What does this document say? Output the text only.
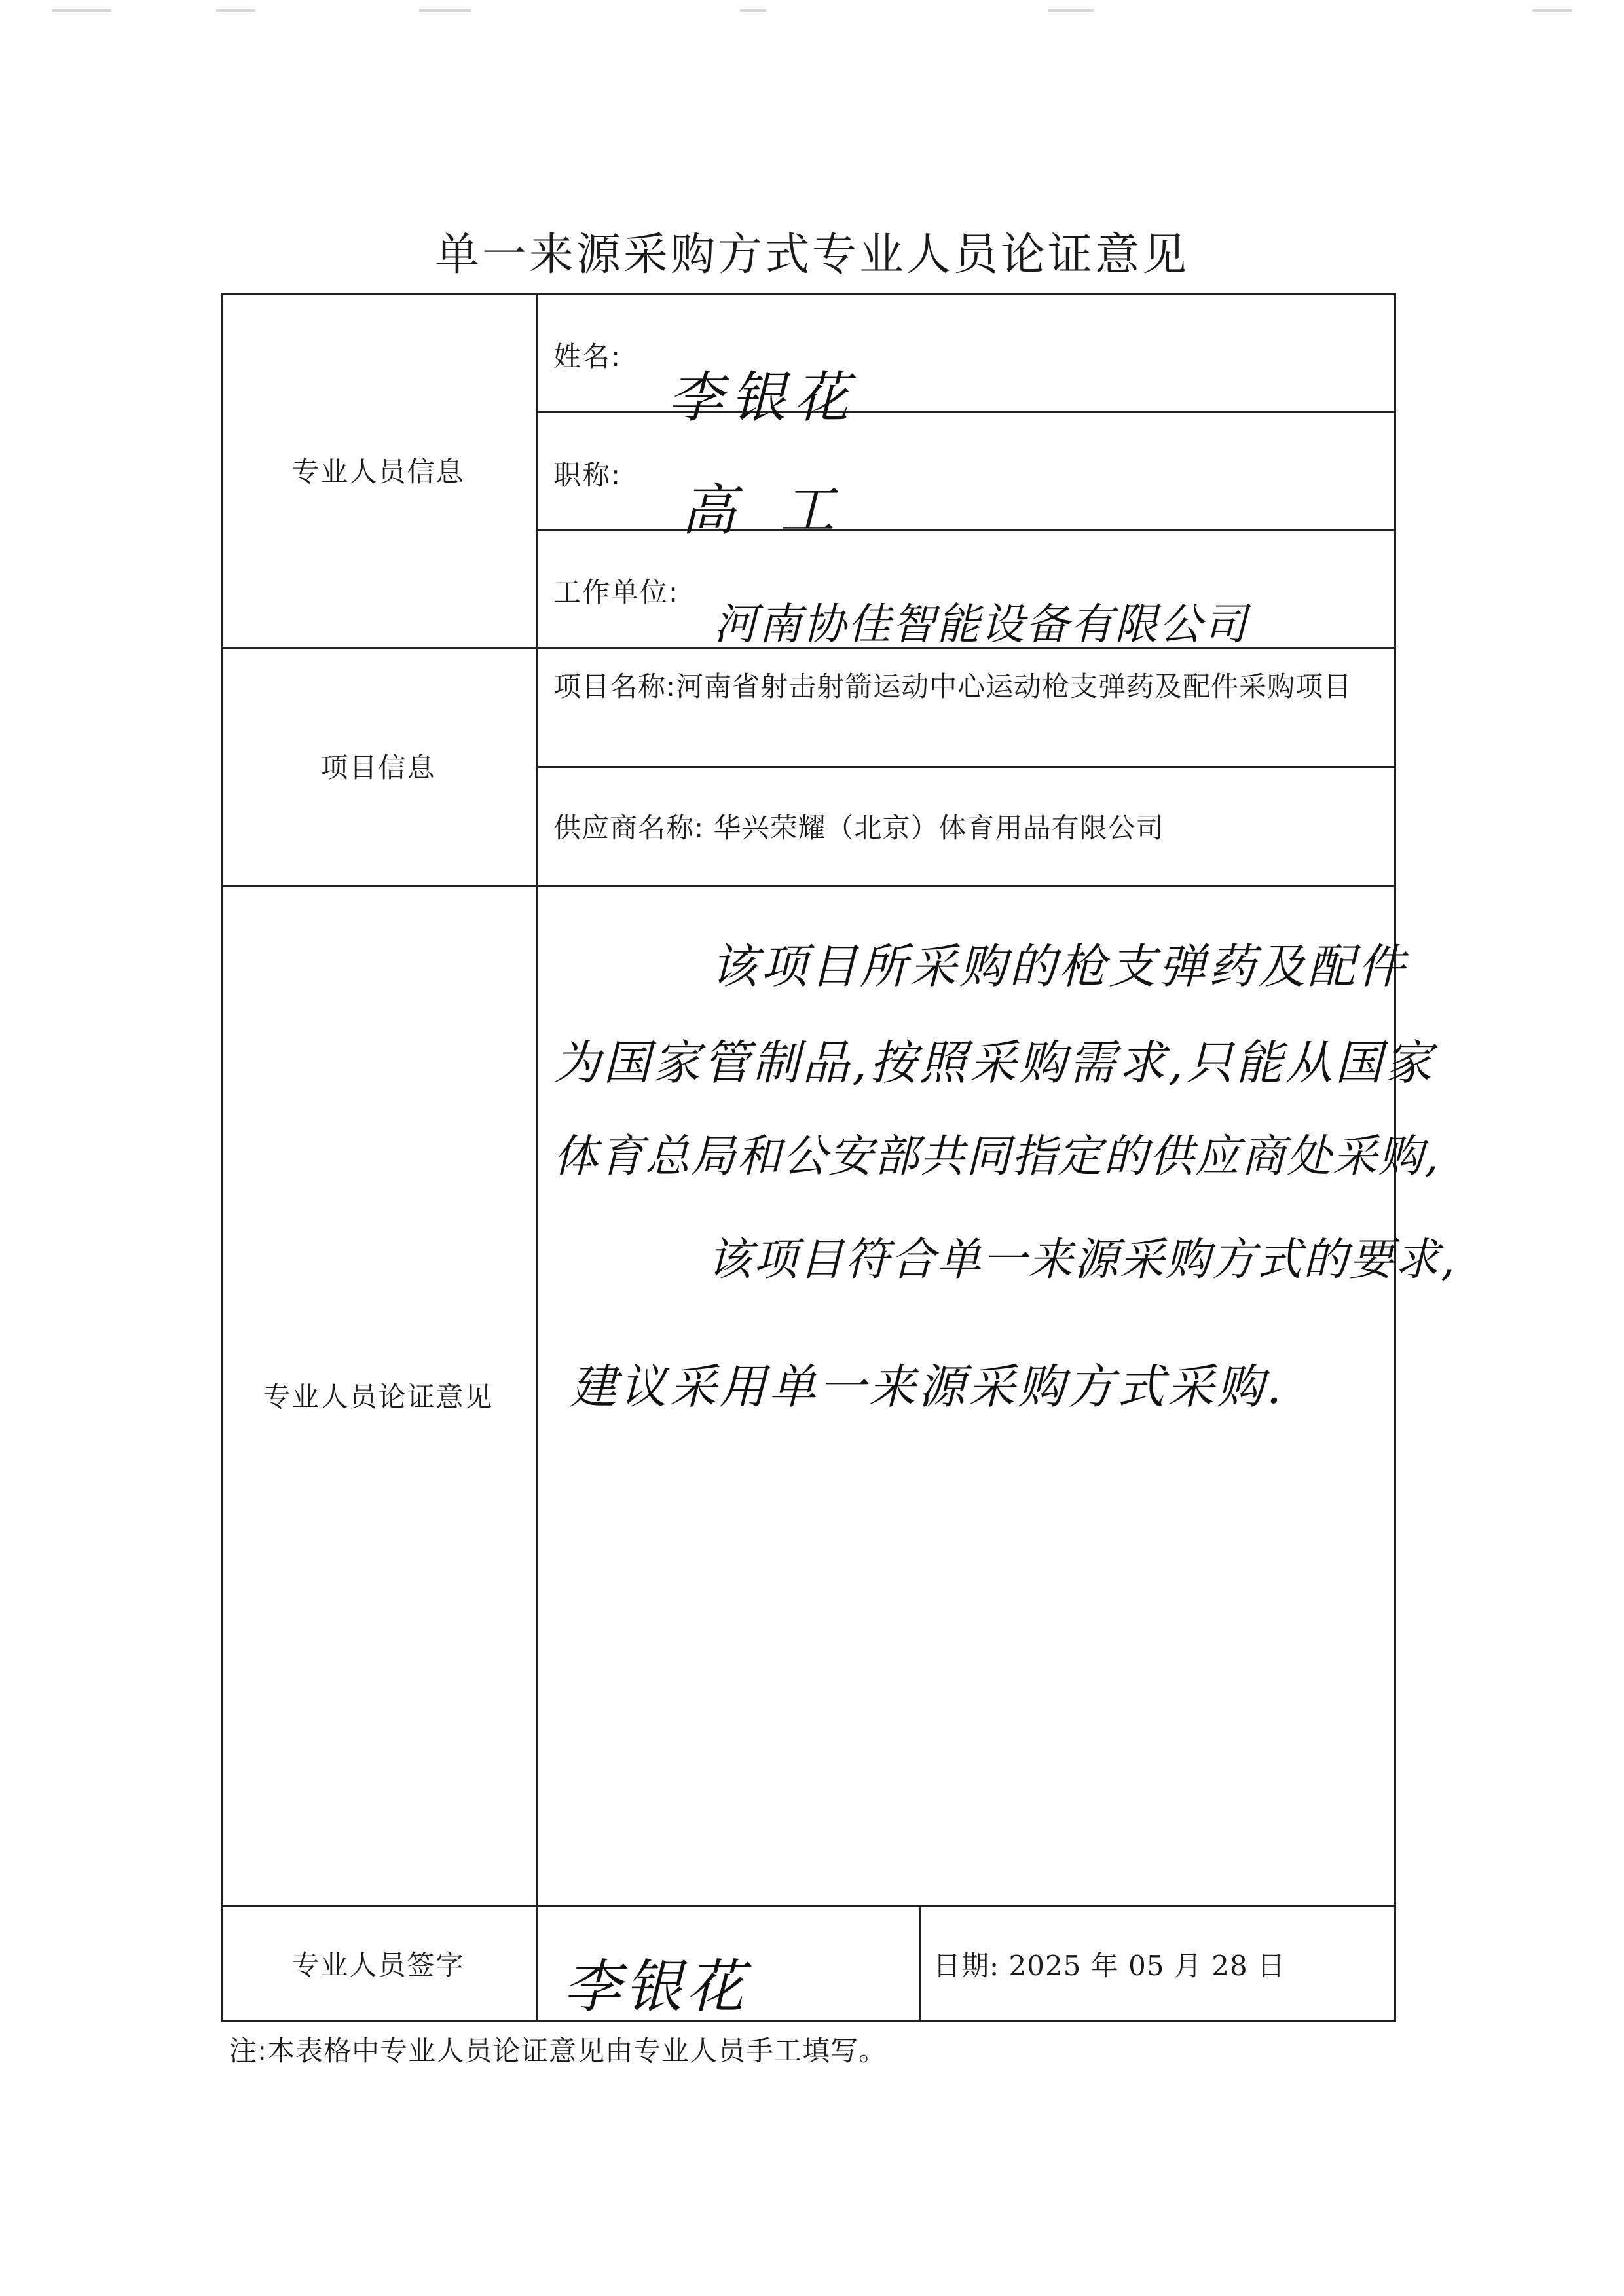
单一来源采购方式专业人员论证意见
专业人员信息
项目信息
专业人员论证意见
专业人员签字
姓名:
李银花
职称:
高 工
工作单位:
河南协佳智能设备有限公司
项目名称:河南省射击射箭运动中心运动枪支弹药及配件采购项目
供应商名称: 华兴荣耀（北京）体育用品有限公司
该项目所采购的枪支弹药及配件
为国家管制品,按照采购需求,只能从国家
体育总局和公安部共同指定的供应商处采购,
该项目符合单一来源采购方式的要求,
建议采用单一来源采购方式采购.
李银花	日期: 2025 年 05 月 28 日
注:本表格中专业人员论证意见由专业人员手工填写。
